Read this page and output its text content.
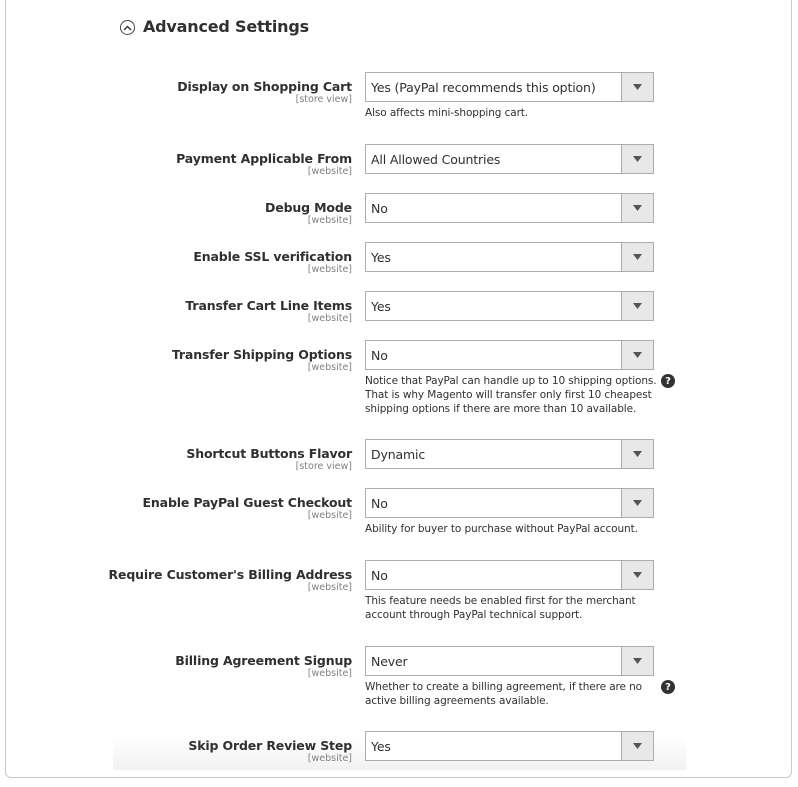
Advanced Settings
Display on Shopping Cart
[store view]
Yes (PayPal recommends this option)
Also affects mini-shopping cart.
Payment Applicable From
[website]
All Allowed Countries
Debug Mode
[website]
No
Enable SSL verification
[website]
Yes
Transfer Cart Line Items
[website]
Yes
Transfer Shipping Options
[website]
No
Notice that PayPal can handle up to 10 shipping options.
That is why Magento will transfer only first 10 cheapest
shipping options if there are more than 10 available.
?
Shortcut Buttons Flavor
[store view]
Dynamic
Enable PayPal Guest Checkout
[website]
No
Ability for buyer to purchase without PayPal account.
Require Customer's Billing Address
[website]
No
This feature needs be enabled first for the merchant
account through PayPal technical support.
Billing Agreement Signup
[website]
Never
Whether to create a billing agreement, if there are no
active billing agreements available.
?
Skip Order Review Step
[website]
Yes
